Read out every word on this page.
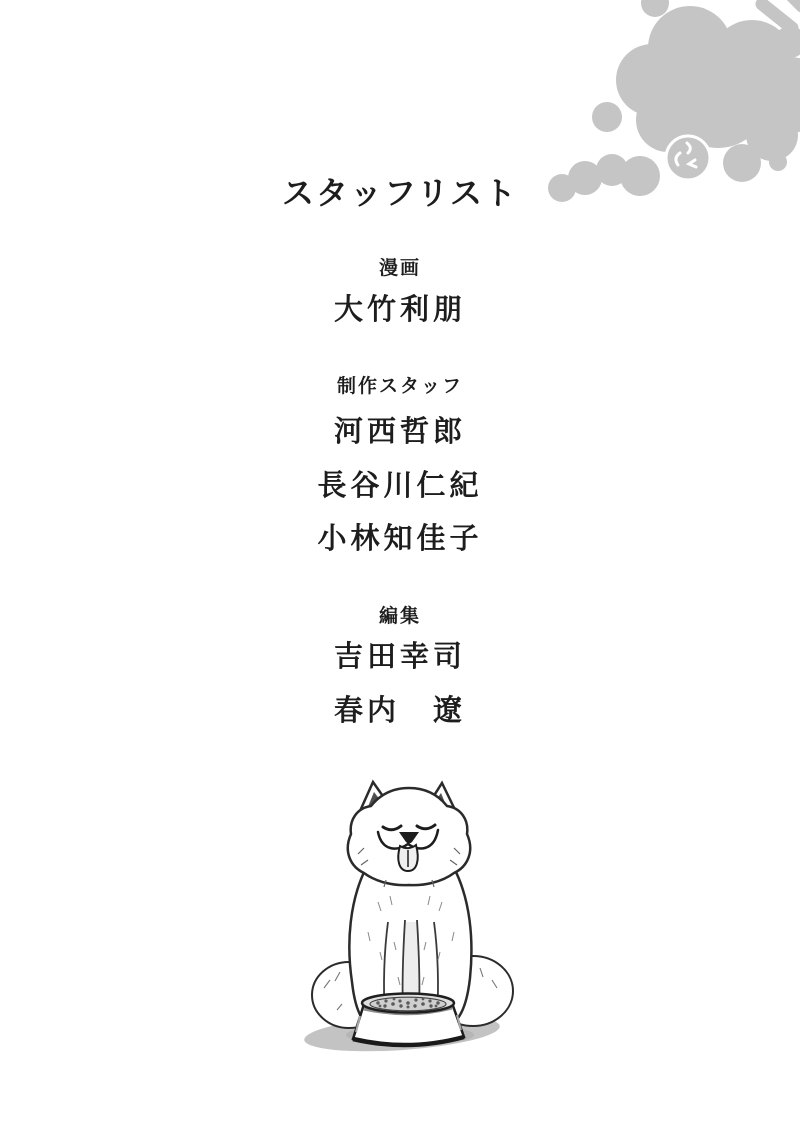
スタッフリスト
漫画
大竹利朋
制作スタッフ
河西哲郎
長谷川仁紀
小林知佳子
編集
吉田幸司
春内　遼
